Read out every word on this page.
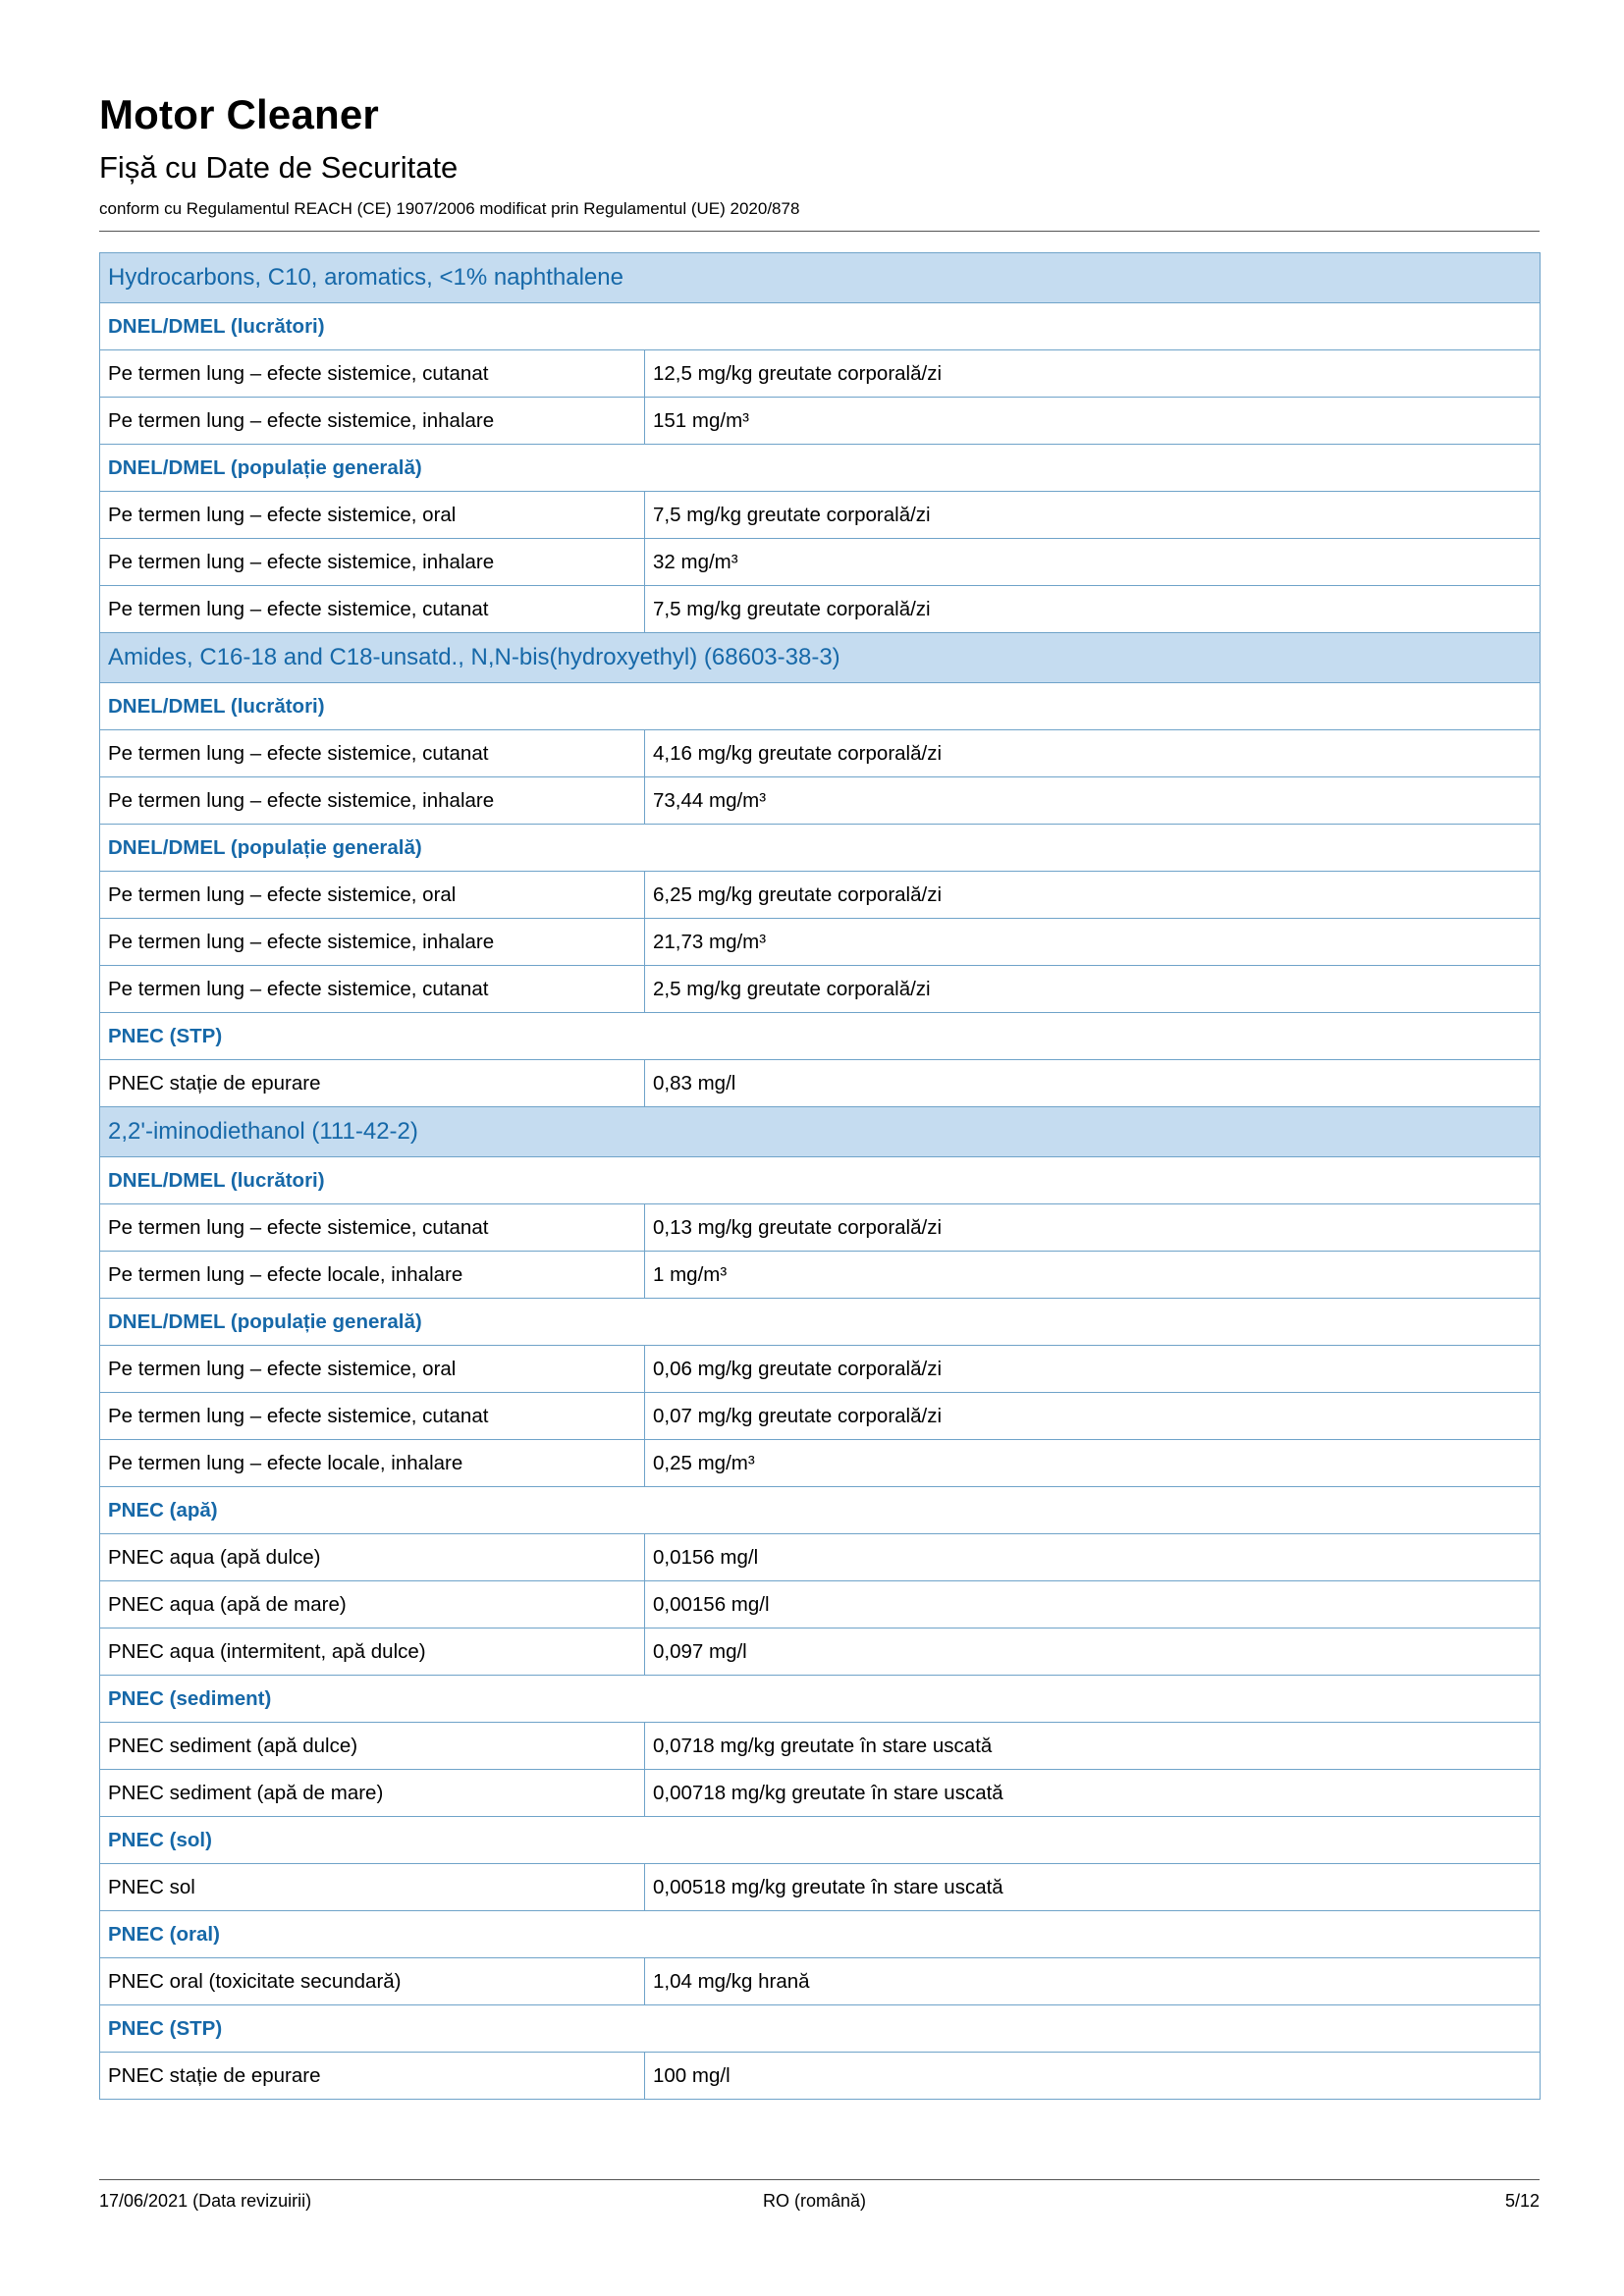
Motor Cleaner
Fișă cu Date de Securitate
conform cu Regulamentul REACH (CE) 1907/2006 modificat prin Regulamentul (UE) 2020/878
Hydrocarbons, C10, aromatics, <1% naphthalene	
DNEL/DMEL (lucrători)	
Pe termen lung – efecte sistemice, cutanat	12,5 mg/kg greutate corporală/zi
Pe termen lung – efecte sistemice, inhalare	151 mg/m³
DNEL/DMEL (populație generală)	
Pe termen lung – efecte sistemice, oral	7,5 mg/kg greutate corporală/zi
Pe termen lung – efecte sistemice, inhalare	32 mg/m³
Pe termen lung – efecte sistemice, cutanat	7,5 mg/kg greutate corporală/zi
Amides, C16-18 and C18-unsatd., N,N-bis(hydroxyethyl) (68603-38-3)	
DNEL/DMEL (lucrători)	
Pe termen lung – efecte sistemice, cutanat	4,16 mg/kg greutate corporală/zi
Pe termen lung – efecte sistemice, inhalare	73,44 mg/m³
DNEL/DMEL (populație generală)	
Pe termen lung – efecte sistemice, oral	6,25 mg/kg greutate corporală/zi
Pe termen lung – efecte sistemice, inhalare	21,73 mg/m³
Pe termen lung – efecte sistemice, cutanat	2,5 mg/kg greutate corporală/zi
PNEC (STP)	
PNEC stație de epurare	0,83 mg/l
2,2'-iminodiethanol (111-42-2)	
DNEL/DMEL (lucrători)	
Pe termen lung – efecte sistemice, cutanat	0,13 mg/kg greutate corporală/zi
Pe termen lung – efecte locale, inhalare	1 mg/m³
DNEL/DMEL (populație generală)	
Pe termen lung – efecte sistemice, oral	0,06 mg/kg greutate corporală/zi
Pe termen lung – efecte sistemice, cutanat	0,07 mg/kg greutate corporală/zi
Pe termen lung – efecte locale, inhalare	0,25 mg/m³
PNEC (apă)	
PNEC aqua (apă dulce)	0,0156 mg/l
PNEC aqua (apă de mare)	0,00156 mg/l
PNEC aqua (intermitent, apă dulce)	0,097 mg/l
PNEC (sediment)	
PNEC sediment (apă dulce)	0,0718 mg/kg greutate în stare uscată
PNEC sediment (apă de mare)	0,00718 mg/kg greutate în stare uscată
PNEC (sol)	
PNEC sol	0,00518 mg/kg greutate în stare uscată
PNEC (oral)	
PNEC oral (toxicitate secundară)	1,04 mg/kg hrană
PNEC (STP)	
PNEC stație de epurare	100 mg/l
17/06/2021 (Data revizuirii)	RO (română)	5/12
